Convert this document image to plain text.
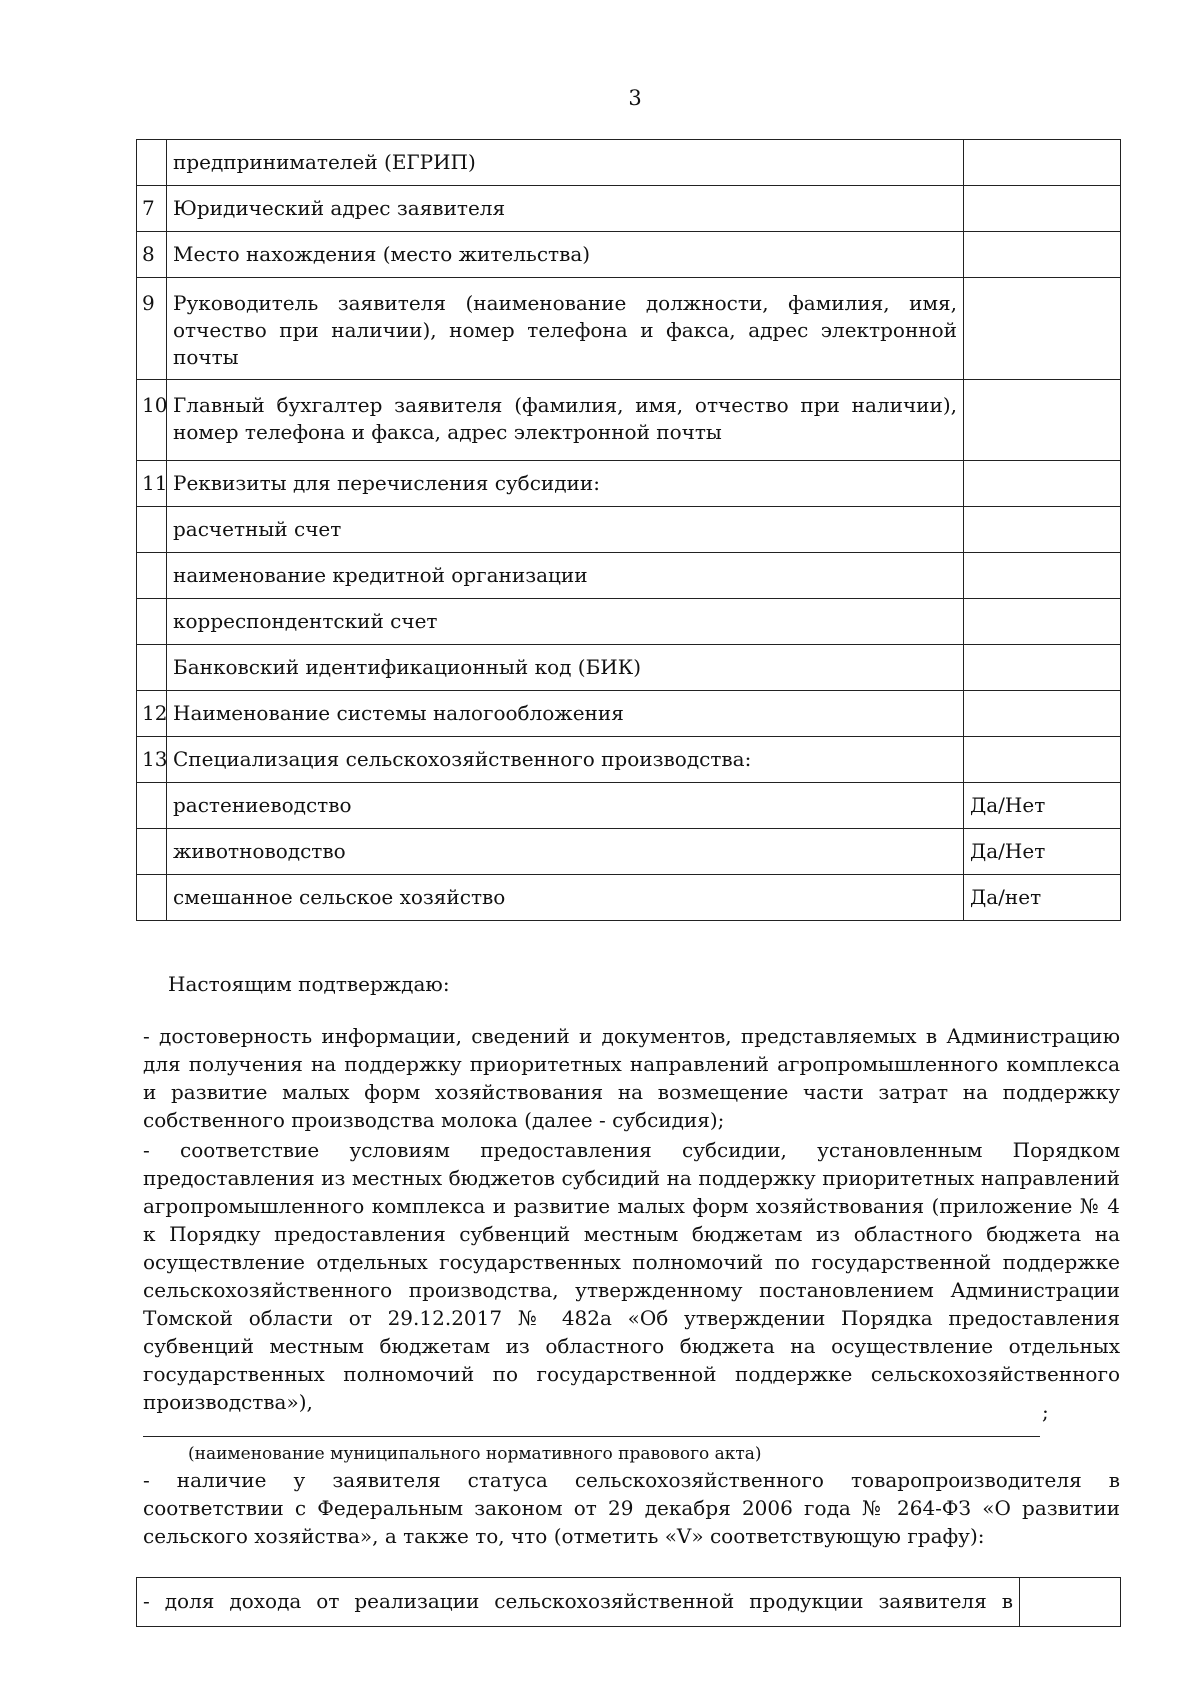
3
	предпринимателей (ЕГРИП)	
7	Юридический адрес заявителя	
8	Место нахождения (место жительства)	
9	Руководитель заявителя (наименование должности, фамилия, имя, отчество при наличии), номер телефона и факса, адрес электронной почты	
10	Главный бухгалтер заявителя (фамилия, имя, отчество при наличии), номер телефона и факса, адрес электронной почты	
11	Реквизиты для перечисления субсидии:	
	расчетный счет	
	наименование кредитной организации	
	корреспондентский счет	
	Банковский идентификационный код (БИК)	
12	Наименование системы налогообложения	
13	Специализация сельскохозяйственного производства:	
	растениеводство	Да/Нет
	животноводство	Да/Нет
	смешанное сельское хозяйство	Да/нет
Настоящим подтверждаю:
- достоверность информации, сведений и документов, представляемых в Администрацию для получения на поддержку приоритетных направлений агропромышленного комплекса и развитие малых форм хозяйствования на возмещение части затрат на поддержку собственного производства молока (далее - субсидия);
- соответствие условиям предоставления субсидии, установленным Порядком предоставления из местных бюджетов субсидий на поддержку приоритетных направлений агропромышленного комплекса и развитие малых форм хозяйствования (приложение № 4 к Порядку предоставления субвенций местным бюджетам из областного бюджета на осуществление отдельных государственных полномочий по государственной поддержке сельскохозяйственного производства, утвержденному постановлением Администрации Томской области от 29.12.2017 № 482а «Об утверждении Порядка предоставления субвенций местным бюджетам из областного бюджета на осуществление отдельных государственных полномочий по государственной поддержке сельскохозяйственного производства»),	;
(наименование муниципального нормативного правового акта)
- наличие у заявителя статуса сельскохозяйственного товаропроизводителя в соответствии с Федеральным законом от 29 декабря 2006 года № 264-ФЗ «О развитии сельского хозяйства», а также то, что (отметить «V» соответствующую графу):
- доля дохода от реализации сельскохозяйственной продукции заявителя в	
